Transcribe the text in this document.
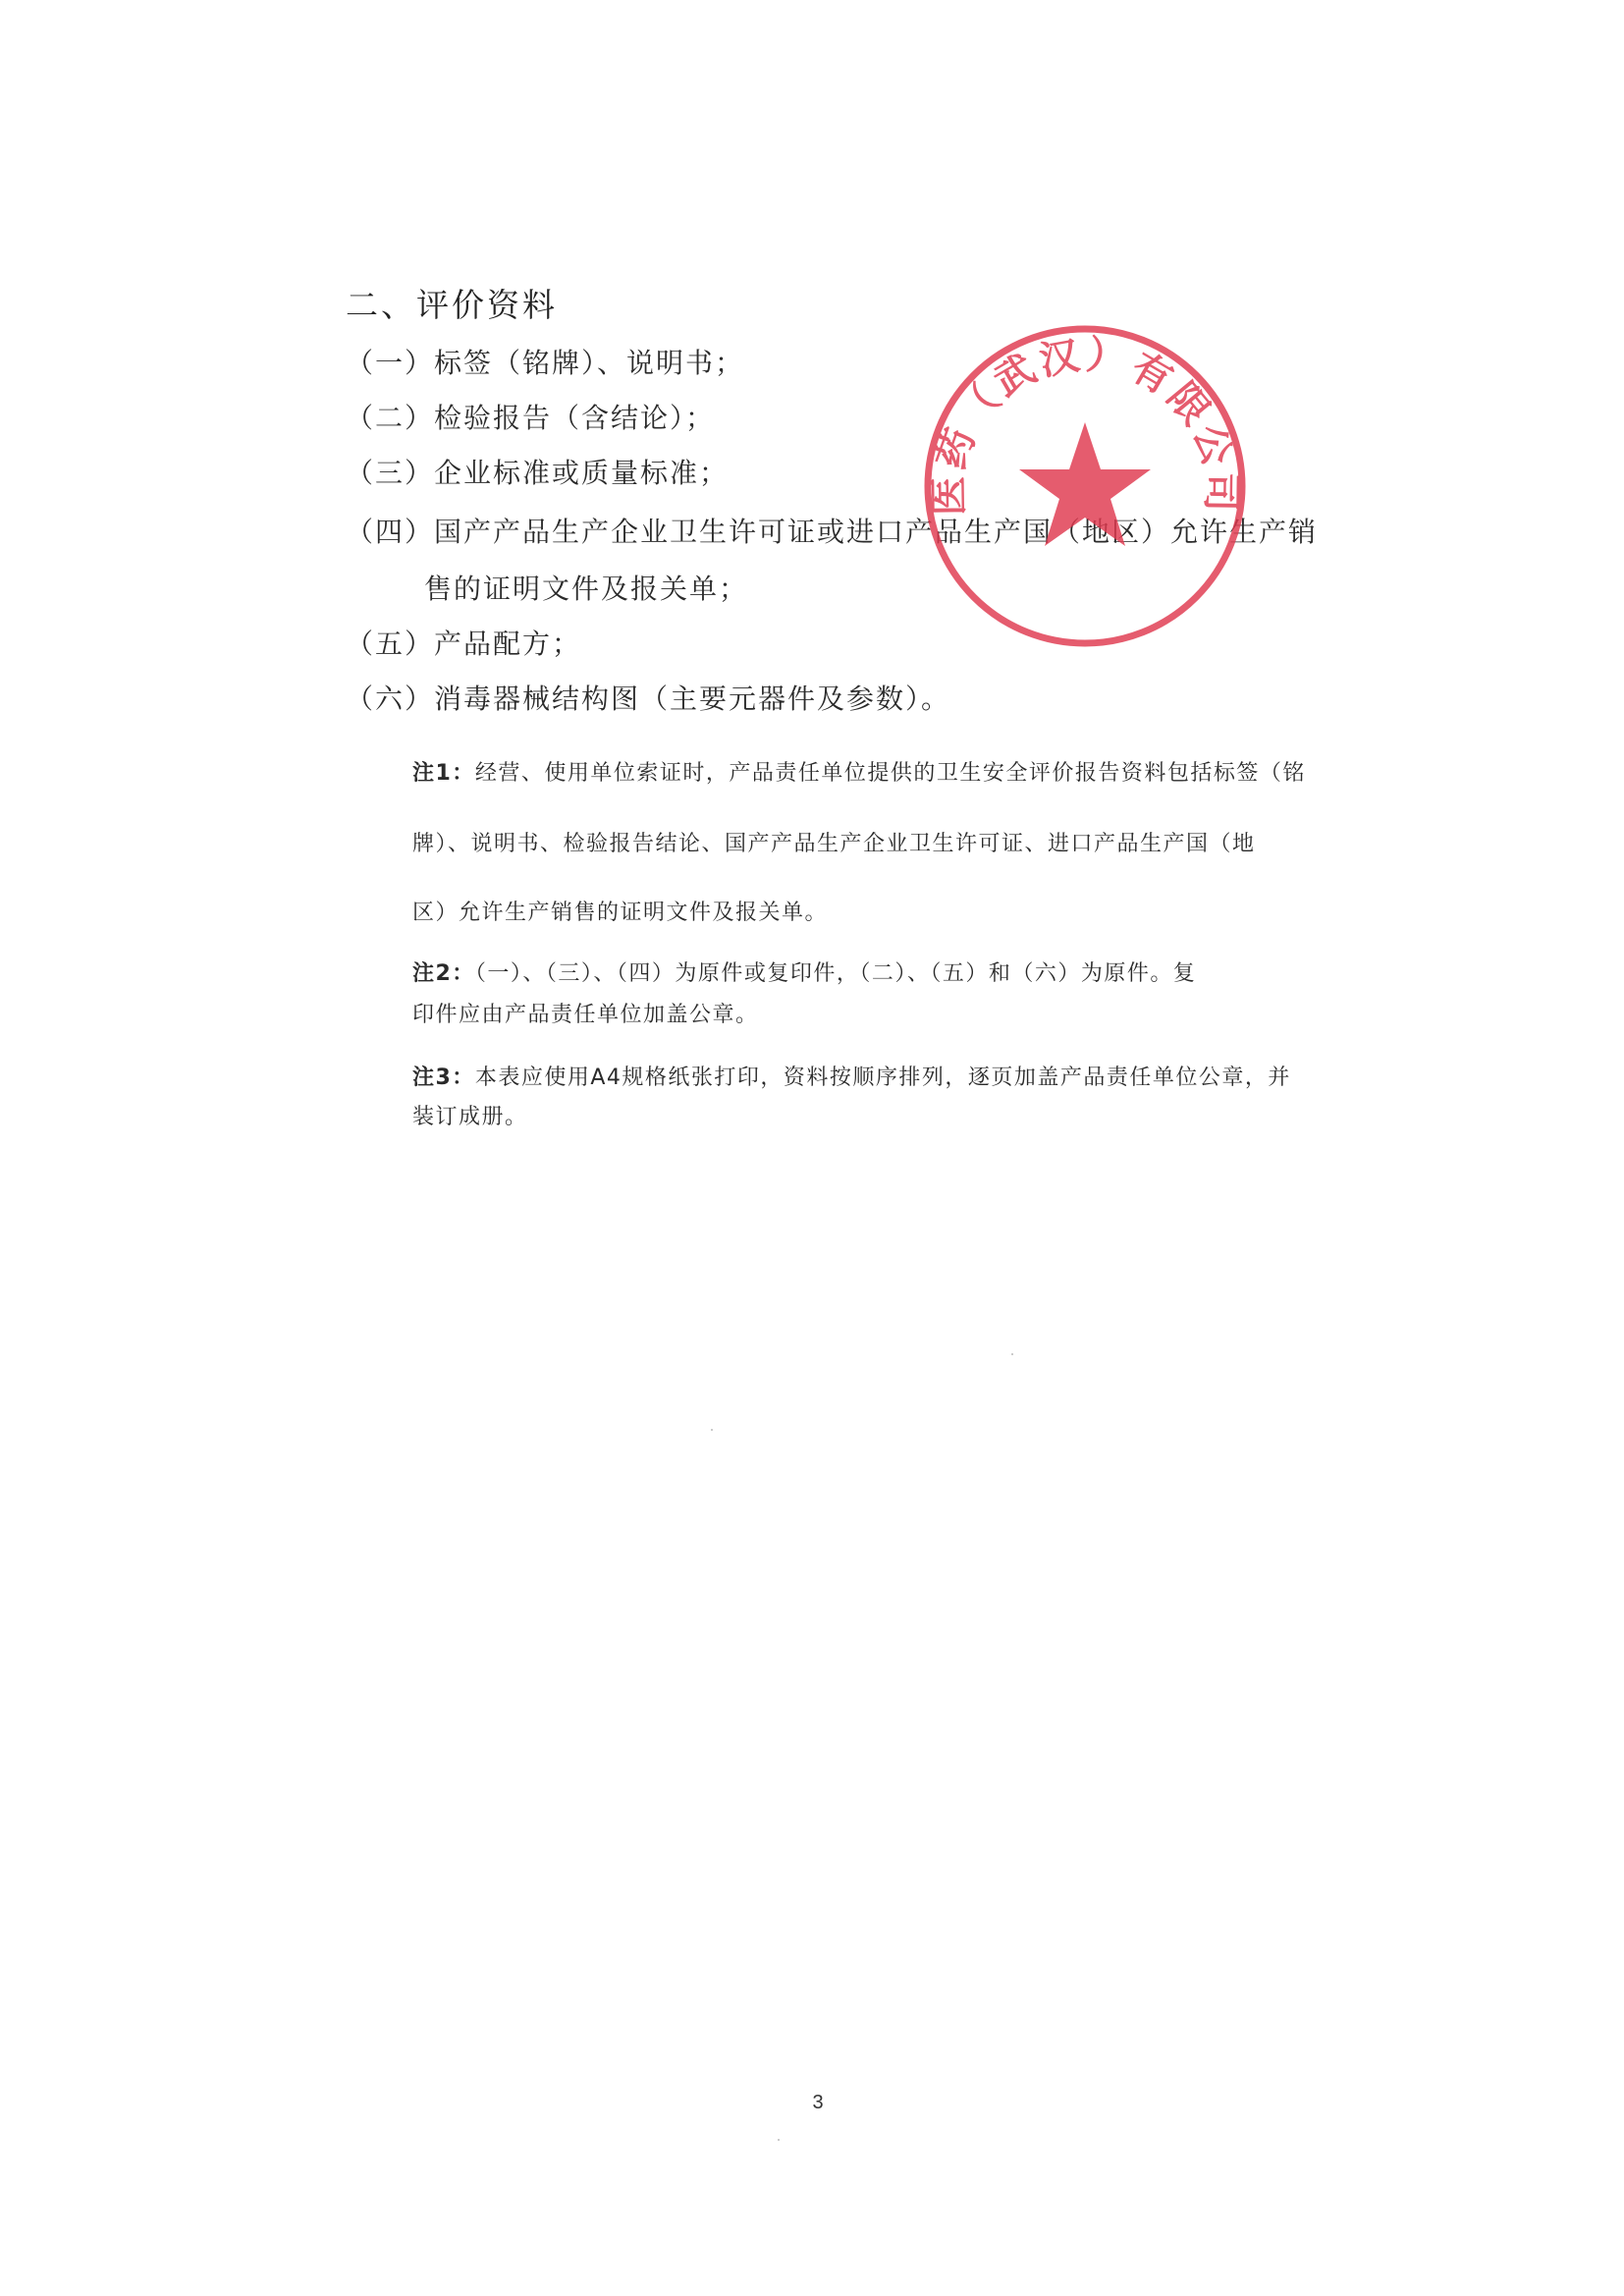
二、评价资料
（一）标签（铭牌）、说明书；
（二）检验报告（含结论）；
（三）企业标准或质量标准；
（四）国产产品生产企业卫生许可证或进口产品生产国（地区）允许生产销
售的证明文件及报关单；
（五）产品配方；
（六）消毒器械结构图（主要元器件及参数）。
注1：经营、使用单位索证时，产品责任单位提供的卫生安全评价报告资料包括标签（铭
牌）、说明书、检验报告结论、国产产品生产企业卫生许可证、进口产品生产国（地
区）允许生产销售的证明文件及报关单。
注2：（一）、（三）、（四）为原件或复印件，（二）、（五）和（六）为原件。复
印件应由产品责任单位加盖公章。
注3：本表应使用A4规格纸张打印，资料按顺序排列，逐页加盖产品责任单位公章，并
装订成册。
医药（武汉）有限公司
3
